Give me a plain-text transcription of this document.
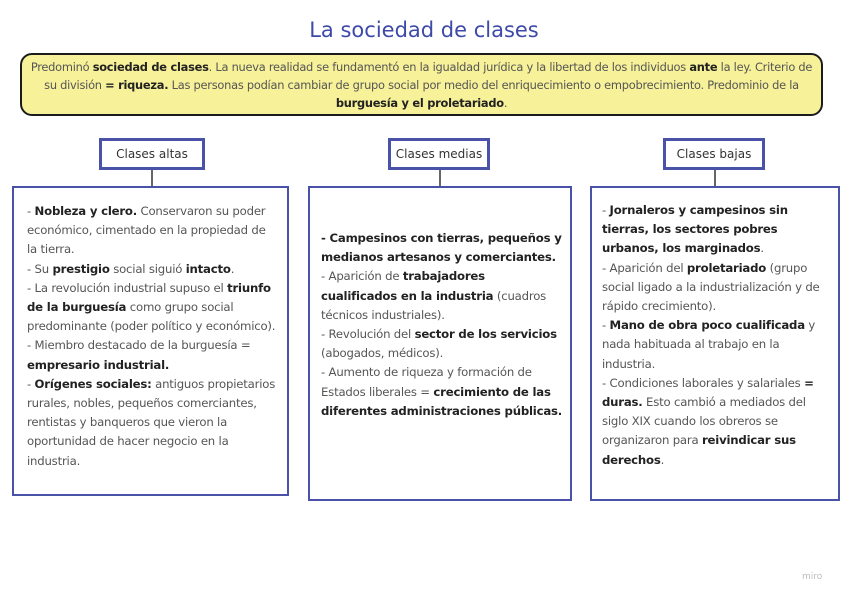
La sociedad de clases
Predominó sociedad de clases. La nueva realidad se fundamentó en la igualdad jurídica y la libertad de los individuos ante la ley. Criterio de su división = riqueza. Las personas podían cambiar de grupo social por medio del enriquecimiento o empobrecimiento. Predominio de la burguesía y el proletariado.
Clases altas

- Nobleza y clero. Conservaron su poder económico, cimentado en la propiedad de la tierra.

- Su prestigio social siguió intacto.

- La revolución industrial supuso el triunfo de la burguesía como grupo social predominante (poder político y económico).

- Miembro destacado de la burguesía = empresario industrial.

- Orígenes sociales: antiguos propietarios rurales, nobles, pequeños comerciantes, rentistas y banqueros que vieron la oportunidad de hacer negocio en la industria.

Clases medias

- Campesinos con tierras, pequeños y medianos artesanos y comerciantes.

- Aparición de trabajadores cualificados en la industria (cuadros técnicos industriales).

- Revolución del sector de los servicios (abogados, médicos).

- Aumento de riqueza y formación de Estados liberales = crecimiento de las diferentes administraciones públicas.

Clases bajas

- Jornaleros y campesinos sin tierras, los sectores pobres urbanos, los marginados.

- Aparición del proletariado (grupo social ligado a la industrialización y de rápido crecimiento).

- Mano de obra poco cualificada y nada habituada al trabajo en la industria.

- Condiciones laborales y salariales = duras. Esto cambió a mediados del siglo XIX cuando los obreros se organizaron para reivindicar sus derechos.

miro
